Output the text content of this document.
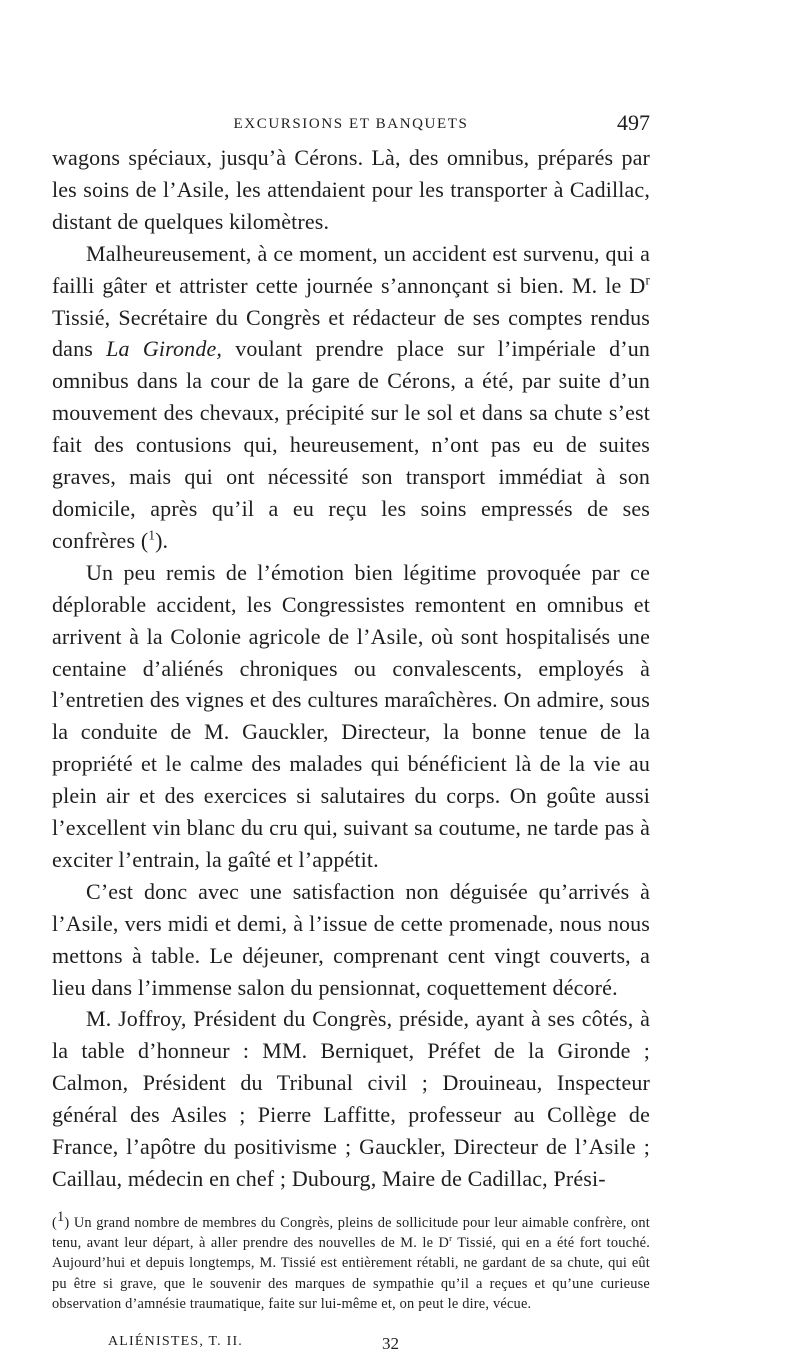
EXCURSIONS ET BANQUETS	497

wagons spéciaux, jusqu’à Cérons. Là, des omnibus, préparés par les soins de l’Asile, les attendaient pour les transporter à Cadillac, distant de quelques kilomètres.

Malheureusement, à ce moment, un accident est survenu, qui a failli gâter et attrister cette journée s’annonçant si bien. M. le $D^r$ Tissié, Secrétaire du Congrès et rédacteur de ses comptes rendus dans La Gironde, voulant prendre place sur l’impériale d’un omnibus dans la cour de la gare de Cérons, a été, par suite d’un mouvement des chevaux, précipité sur le sol et dans sa chute s’est fait des contusions qui, heureusement, n’ont pas eu de suites graves, mais qui ont nécessité son transport immédiat à son domicile, après qu’il a eu reçu les soins empressés de ses confrères ($^1$).

Un peu remis de l’émotion bien légitime provoquée par ce déplorable accident, les Congressistes remontent en omnibus et arrivent à la Colonie agricole de l’Asile, où sont hospitalisés une centaine d’aliénés chroniques ou convalescents, employés à l’entretien des vignes et des cultures maraîchères. On admire, sous la conduite de M. Gauckler, Directeur, la bonne tenue de la propriété et le calme des malades qui bénéficient là de la vie au plein air et des exercices si salutaires du corps. On goûte aussi l’excellent vin blanc du cru qui, suivant sa coutume, ne tarde pas à exciter l’entrain, la gaîté et l’appétit.

C’est donc avec une satisfaction non déguisée qu’arrivés à l’Asile, vers midi et demi, à l’issue de cette promenade, nous nous mettons à table. Le déjeuner, comprenant cent vingt couverts, a lieu dans l’immense salon du pensionnat, coquettement décoré.

M. Joffroy, Président du Congrès, préside, ayant à ses côtés, à la table d’honneur : MM. Berniquet, Préfet de la Gironde ; Calmon, Président du Tribunal civil ; Drouineau, Inspecteur général des Asiles ; Pierre Laffitte, professeur au Collège de France, l’apôtre du positivisme ; Gauckler, Directeur de l’Asile ; Caillau, médecin en chef ; Dubourg, Maire de Cadillac, Prési-

($^1$) Un grand nombre de membres du Congrès, pleins de sollicitude pour leur aimable confrère, ont tenu, avant leur départ, à aller prendre des nouvelles de M. le $D^r$ Tissié, qui en a été fort touché. Aujourd’hui et depuis longtemps, M. Tissié est entièrement rétabli, ne gardant de sa chute, qui eût pu être si grave, que le souvenir des marques de sympathie qu’il a reçues et qu’une curieuse observation d’amnésie traumatique, faite sur lui-même et, on peut le dire, vécue.
ALIÉNISTES, T. II.	32
